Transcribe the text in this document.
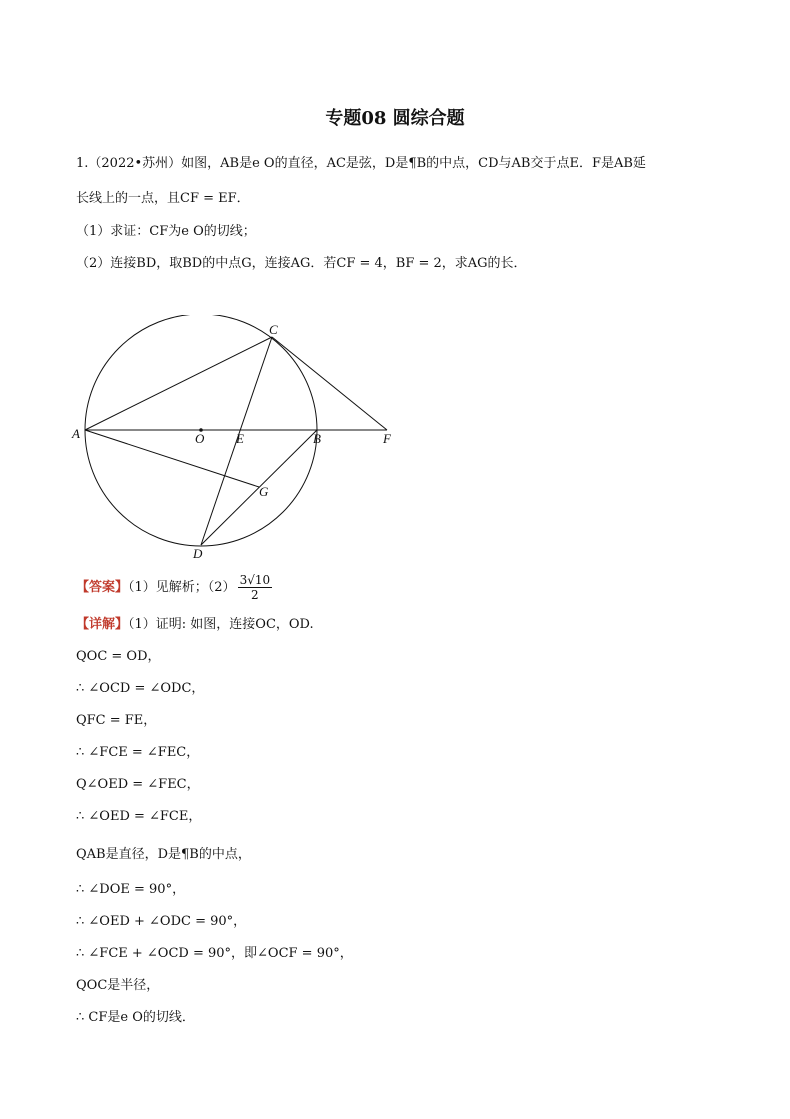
专题08 圆综合题
1.（2022•苏州）如图，AB是e O的直径，AC是弦，D是¶B的中点，CD与AB交于点E．F是AB延
长线上的一点，且CF = EF．
（1）求证：CF为e O的切线；
（2）连接BD，取BD的中点G，连接AG．若CF = 4，BF = 2，求AG的长．
A	O E	B	F
C
G
D
【答案】（1）见解析；$(2) \frac{3√10}{2}$
【详解】（1）证明: 如图，连接OC，OD.
QOC = OD，
∴ ∠OCD = ∠ODC，
QFC = FE，
∴ ∠FCE = ∠FEC，
Q∠OED = ∠FEC，
∴ ∠OED = ∠FCE，
QAB是直径，D是¶B的中点，
∴ ∠DOE = 90°，
∴ ∠OED + ∠ODC = 90°，
∴ ∠FCE + ∠OCD = 90°，即∠OCF = 90°，
QOC是半径，
∴ CF是e O的切线．
